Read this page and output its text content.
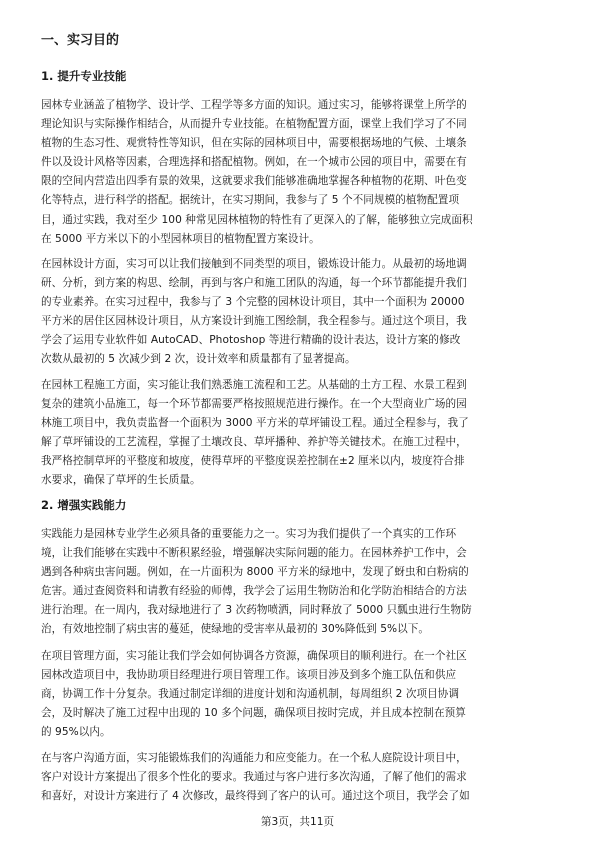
一、实习目的
1. 提升专业技能
园林专业涵盖了植物学、设计学、工程学等多方面的知识。通过实习，能够将课堂上所学的
理论知识与实际操作相结合，从而提升专业技能。在植物配置方面，课堂上我们学习了不同
植物的生态习性、观赏特性等知识，但在实际的园林项目中，需要根据场地的气候、土壤条
件以及设计风格等因素，合理选择和搭配植物。例如，在一个城市公园的项目中，需要在有
限的空间内营造出四季有景的效果，这就要求我们能够准确地掌握各种植物的花期、叶色变
化等特点，进行科学的搭配。据统计，在实习期间，我参与了 5 个不同规模的植物配置项
目，通过实践，我对至少 100 种常见园林植物的特性有了更深入的了解，能够独立完成面积
在 5000 平方米以下的小型园林项目的植物配置方案设计。
在园林设计方面，实习可以让我们接触到不同类型的项目，锻炼设计能力。从最初的场地调
研、分析，到方案的构思、绘制，再到与客户和施工团队的沟通，每一个环节都能提升我们
的专业素养。在实习过程中，我参与了 3 个完整的园林设计项目，其中一个面积为 20000
平方米的居住区园林设计项目，从方案设计到施工图绘制，我全程参与。通过这个项目，我
学会了运用专业软件如 AutoCAD、Photoshop 等进行精确的设计表达，设计方案的修改
次数从最初的 5 次减少到 2 次，设计效率和质量都有了显著提高。
在园林工程施工方面，实习能让我们熟悉施工流程和工艺。从基础的土方工程、水景工程到
复杂的建筑小品施工，每一个环节都需要严格按照规范进行操作。在一个大型商业广场的园
林施工项目中，我负责监督一个面积为 3000 平方米的草坪铺设工程。通过全程参与，我了
解了草坪铺设的工艺流程，掌握了土壤改良、草坪播种、养护等关键技术。在施工过程中，
我严格控制草坪的平整度和坡度，使得草坪的平整度误差控制在±2 厘米以内，坡度符合排
水要求，确保了草坪的生长质量。
2. 增强实践能力
实践能力是园林专业学生必须具备的重要能力之一。实习为我们提供了一个真实的工作环
境，让我们能够在实践中不断积累经验，增强解决实际问题的能力。在园林养护工作中，会
遇到各种病虫害问题。例如，在一片面积为 8000 平方米的绿地中，发现了蚜虫和白粉病的
危害。通过查阅资料和请教有经验的师傅，我学会了运用生物防治和化学防治相结合的方法
进行治理。在一周内，我对绿地进行了 3 次药物喷洒，同时释放了 5000 只瓢虫进行生物防
治，有效地控制了病虫害的蔓延，使绿地的受害率从最初的 30%降低到 5%以下。
在项目管理方面，实习能让我们学会如何协调各方资源，确保项目的顺利进行。在一个社区
园林改造项目中，我协助项目经理进行项目管理工作。该项目涉及到多个施工队伍和供应
商，协调工作十分复杂。我通过制定详细的进度计划和沟通机制，每周组织 2 次项目协调
会，及时解决了施工过程中出现的 10 多个问题，确保项目按时完成，并且成本控制在预算
的 95%以内。
在与客户沟通方面，实习能锻炼我们的沟通能力和应变能力。在一个私人庭院设计项目中，
客户对设计方案提出了很多个性化的要求。我通过与客户进行多次沟通，了解了他们的需求
和喜好，对设计方案进行了 4 次修改，最终得到了客户的认可。通过这个项目，我学会了如
第3页，共11页
